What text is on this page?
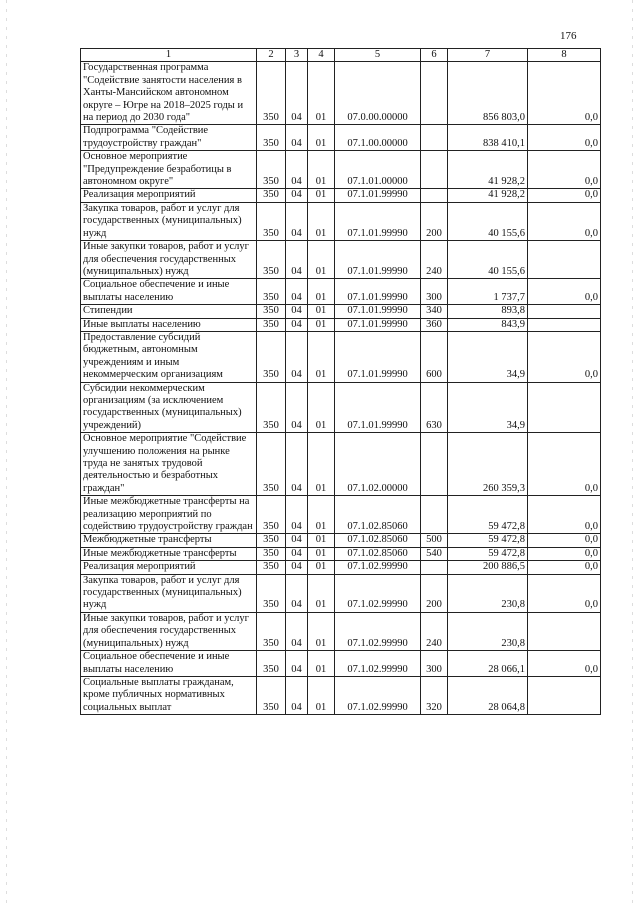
176
1	2	3	4	5	6	7	8
Государственная программа "Содействие занятости населения в Ханты-Мансийском автономном округе – Югре на 2018–2025 годы и на период до 2030 года"	350	04	01	07.0.00.00000		856 803,0	0,0
Подпрограмма "Содействие трудоустройству граждан"	350	04	01	07.1.00.00000		838 410,1	0,0
Основное мероприятие "Предупреждение безработицы в автономном округе"	350	04	01	07.1.01.00000		41 928,2	0,0
Реализация мероприятий	350	04	01	07.1.01.99990		41 928,2	0,0
Закупка товаров, работ и услуг для государственных (муниципальных) нужд	350	04	01	07.1.01.99990	200	40 155,6	0,0
Иные закупки товаров, работ и услуг для обеспечения государственных (муниципальных) нужд	350	04	01	07.1.01.99990	240	40 155,6	
Социальное обеспечение и иные выплаты населению	350	04	01	07.1.01.99990	300	1 737,7	0,0
Стипендии	350	04	01	07.1.01.99990	340	893,8	
Иные выплаты населению	350	04	01	07.1.01.99990	360	843,9	
Предоставление субсидий бюджетным, автономным учреждениям и иным некоммерческим организациям	350	04	01	07.1.01.99990	600	34,9	0,0
Субсидии некоммерческим организациям (за исключением государственных (муниципальных) учреждений)	350	04	01	07.1.01.99990	630	34,9	
Основное мероприятие "Содействие улучшению положения на рынке труда не занятых трудовой деятельностью и безработных граждан"	350	04	01	07.1.02.00000		260 359,3	0,0
Иные межбюджетные трансферты на реализацию мероприятий по содействию трудоустройству граждан	350	04	01	07.1.02.85060		59 472,8	0,0
Межбюджетные трансферты	350	04	01	07.1.02.85060	500	59 472,8	0,0
Иные межбюджетные трансферты	350	04	01	07.1.02.85060	540	59 472,8	0,0
Реализация мероприятий	350	04	01	07.1.02.99990		200 886,5	0,0
Закупка товаров, работ и услуг для государственных (муниципальных) нужд	350	04	01	07.1.02.99990	200	230,8	0,0
Иные закупки товаров, работ и услуг для обеспечения государственных (муниципальных) нужд	350	04	01	07.1.02.99990	240	230,8	
Социальное обеспечение и иные выплаты населению	350	04	01	07.1.02.99990	300	28 066,1	0,0
Социальные выплаты гражданам, кроме публичных нормативных социальных выплат	350	04	01	07.1.02.99990	320	28 064,8	
